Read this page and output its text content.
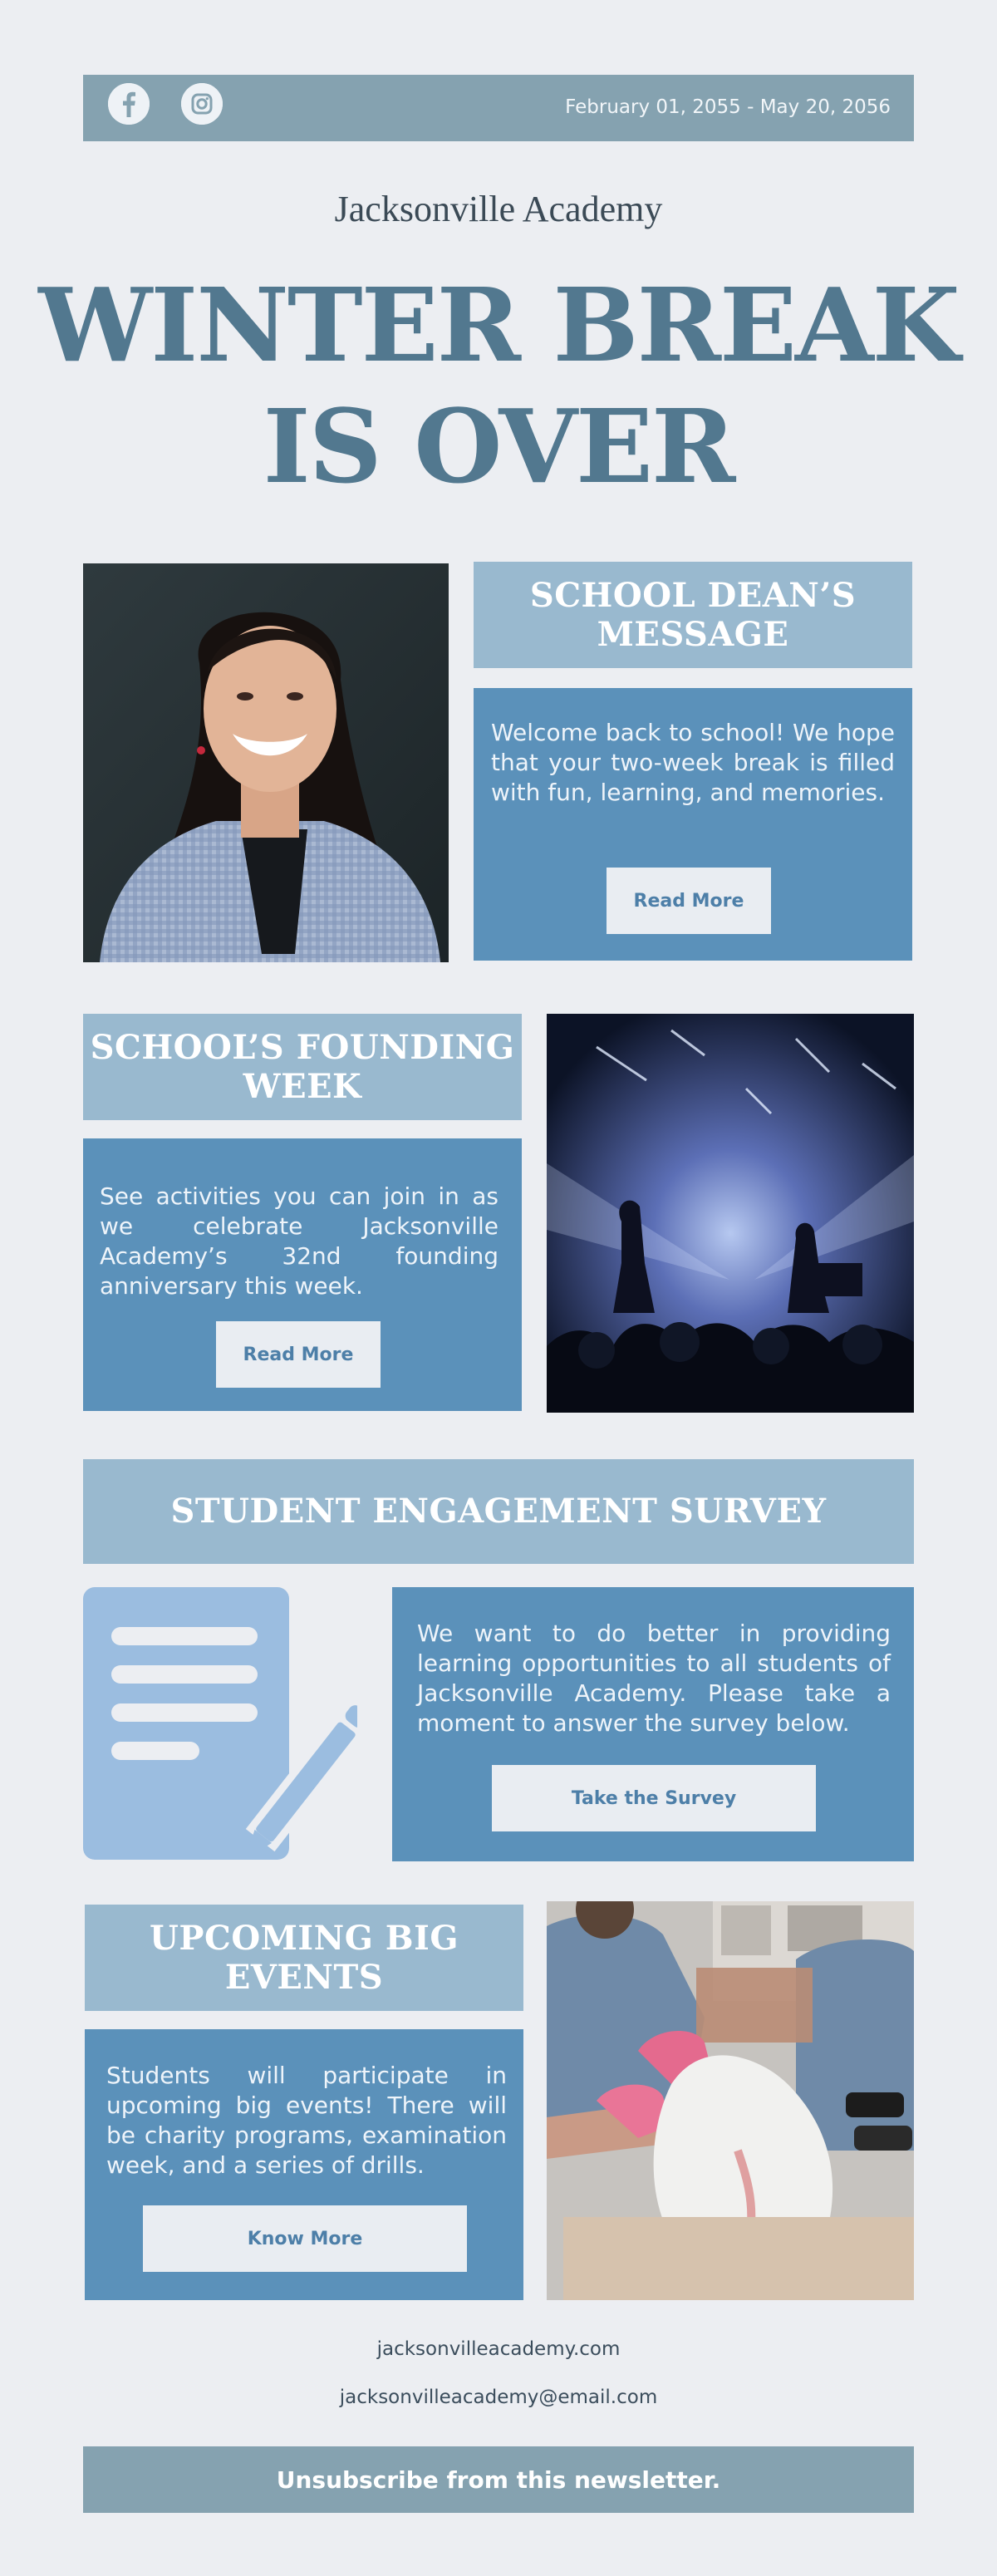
February 01, 2055 - May 20, 2056
Jacksonville Academy
WINTER BREAK
IS OVER
SCHOOL DEAN’S MESSAGE
Welcome back to school! We hope that your two-week break is filled with fun, learning, and memories.
Read More
SCHOOL’S FOUNDING WEEK
See activities you can join in as we celebrate Jacksonville Academy’s 32nd founding anniversary this week.
Read More
STUDENT ENGAGEMENT SURVEY
We want to do better in providing learning opportunities to all students of Jacksonville Academy. Please take a moment to answer the survey below.
Take the Survey
UPCOMING BIG EVENTS
Students will participate in upcoming big events! There will be charity programs, examination week, and a series of drills.
Know More
jacksonvilleacademy.com
jacksonvilleacademy@email.com
Unsubscribe from this newsletter.
